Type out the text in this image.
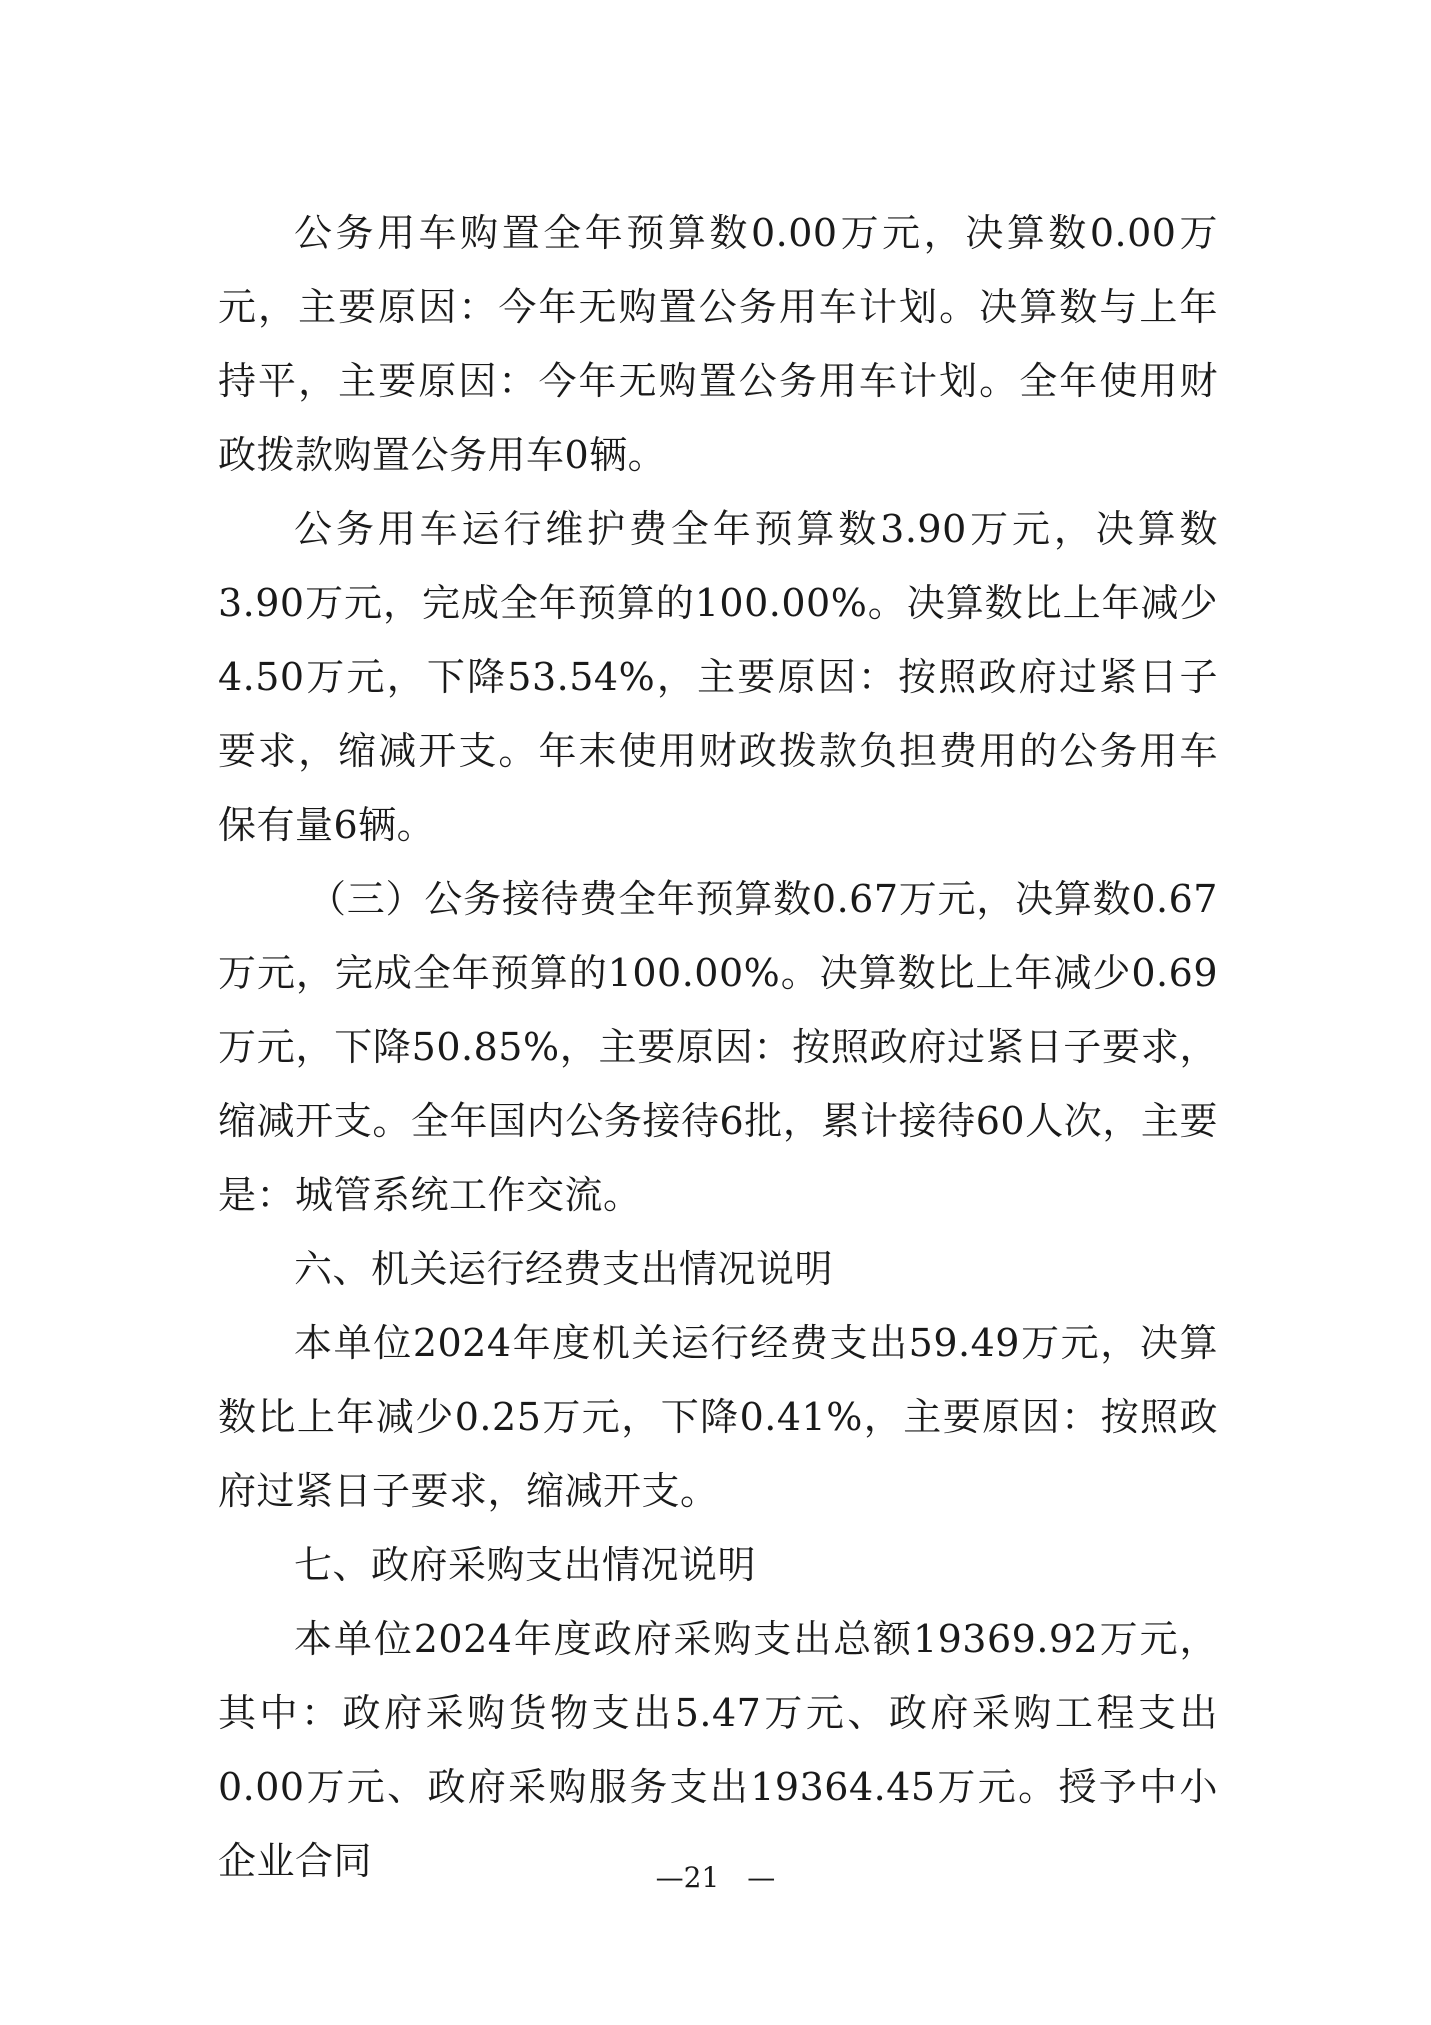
公务用车购置全年预算数0.00万元，决算数0.00万元，主要原因：今年无购置公务用车计划。决算数与上年持平，主要原因：今年无购置公务用车计划。全年使用财政拨款购置公务用车0辆。

公务用车运行维护费全年预算数3.90万元，决算数3.90万元，完成全年预算的100.00%。决算数比上年减少4.50万元，下降53.54%，主要原因：按照政府过紧日子要求，缩减开支。年末使用财政拨款负担费用的公务用车保有量6辆。

（三）公务接待费全年预算数0.67万元，决算数0.67万元，完成全年预算的100.00%。决算数比上年减少0.69万元，下降50.85%，主要原因：按照政府过紧日子要求，缩减开支。全年国内公务接待6批，累计接待60人次，主要是：城管系统工作交流。

六、机关运行经费支出情况说明

本单位2024年度机关运行经费支出59.49万元，决算数比上年减少0.25万元，下降0.41%，主要原因：按照政府过紧日子要求，缩减开支。

七、政府采购支出情况说明

本单位2024年度政府采购支出总额19369.92万元，其中：政府采购货物支出5.47万元、政府采购工程支出0.00万元、政府采购服务支出19364.45万元。授予中小企业合同	—21　—
